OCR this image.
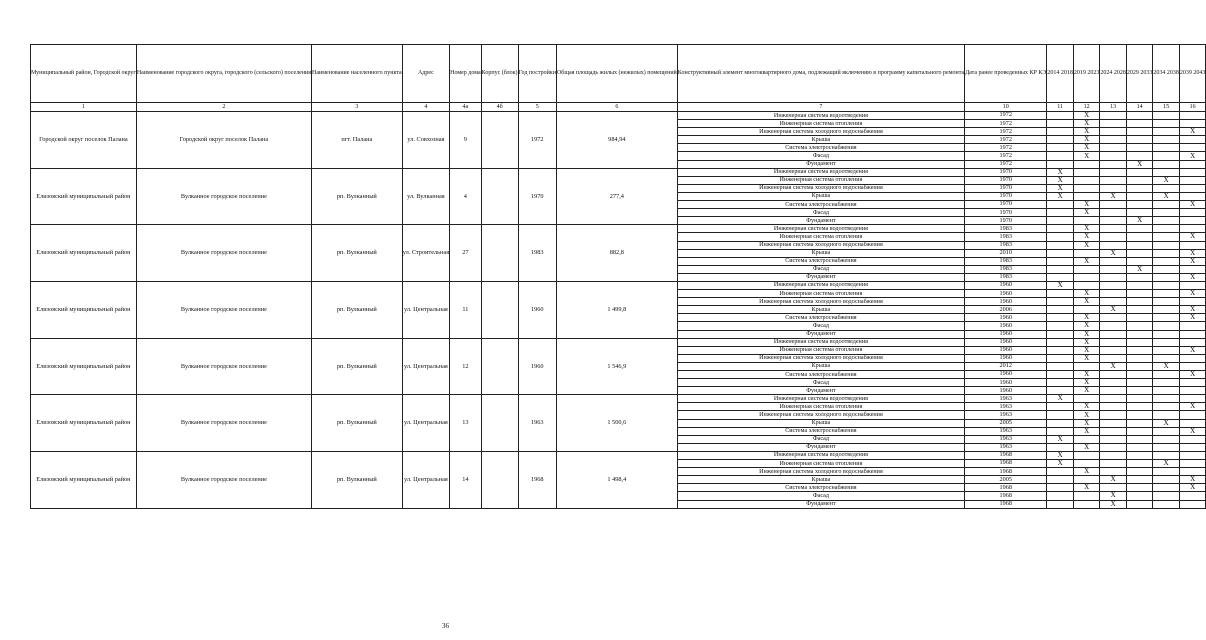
Муниципальный район, Городской округ	Наименование городского округа, городского (сельского) поселения	Наименование населенного пункта	Адрес	Номер дома	Корпус (блок)	Год постройки	Общая площадь жилых (нежилых) помещений	Конструктивный элемент многоквартирного дома, подлежащий включению в программу капитального ремонта	Дата ранее проведенных КР КЭ	2014 2018	2019 2023	2024 2028	2029 2033	2034 2038	2039 2043
1	2	3	4	4а	4б	5	6	7	10	11	12	13	14	15	16
Городской округ поселок Палана	Городской округ поселок Палана	пгт. Палана	ул. Совхозная	9		1972	984,94	Инженерная система водоотведения	1972		X				
								Инженерная система отопления	1972		X				
								Инженерная система холодного водоснабжения	1972		X				X
								Крыша	1972		X				
								Система электроснабжения	1972		X				
								Фасад	1972		X				X
								Фундамент	1972				X		
Елизовский муниципальный район	Вулканное городское поселение	рп. Вулканный	ул. Вулканная	4		1970	277,4	Инженерная система водоотведения	1970	X					
								Инженерная система отопления	1970	X				X	
								Инженерная система холодного водоснабжения	1970	X					
								Крыша	1970	X		X		X	
								Система электроснабжения	1970		X				X
								Фасад	1970		X				
								Фундамент	1970				X		
Елизовский муниципальный район	Вулканное городское поселение	рп. Вулканный	ул. Строительная	27		1983	882,8	Инженерная система водоотведения	1983		X				
								Инженерная система отопления	1983		X				X
								Инженерная система холодного водоснабжения	1983		X				
								Крыша	2010			X			X
								Система электроснабжения	1983		X				X
								Фасад	1983				X		
								Фундамент	1983						X
Елизовский муниципальный район	Вулканное городское поселение	рп. Вулканный	ул. Центральная	11		1960	1 499,8	Инженерная система водоотведения	1960	X					
								Инженерная система отопления	1960		X				X
								Инженерная система холодного водоснабжения	1960		X				
								Крыша	2006			X			X
								Система электроснабжения	1960		X				X
								Фасад	1960		X				
								Фундамент	1960		X				
Елизовский муниципальный район	Вулканное городское поселение	рп. Вулканный	ул. Центральная	12		1960	1 546,9	Инженерная система водоотведения	1960		X				
								Инженерная система отопления	1960		X				X
								Инженерная система холодного водоснабжения	1960		X				
								Крыша	2012			X		X	
								Система электроснабжения	1960		X				X
								Фасад	1960		X				
								Фундамент	1960		X				
Елизовский муниципальный район	Вулканное городское поселение	рп. Вулканный	ул. Центральная	13		1963	1 500,6	Инженерная система водоотведения	1963	X					
								Инженерная система отопления	1963		X				X
								Инженерная система холодного водоснабжения	1963		X				
								Крыша	2005		X			X	
								Система электроснабжения	1963		X				X
								Фасад	1963	X					
								Фундамент	1963		X				
Елизовский муниципальный район	Вулканное городское поселение	рп. Вулканный	ул. Центральная	14		1968	1 498,4	Инженерная система водоотведения	1968	X					
								Инженерная система отопления	1968	X				X	
								Инженерная система холодного водоснабжения	1968		X				
								Крыша	2005			X			X
								Система электроснабжения	1968		X				X
								Фасад	1968			X			
								Фундамент	1968			X			
36
